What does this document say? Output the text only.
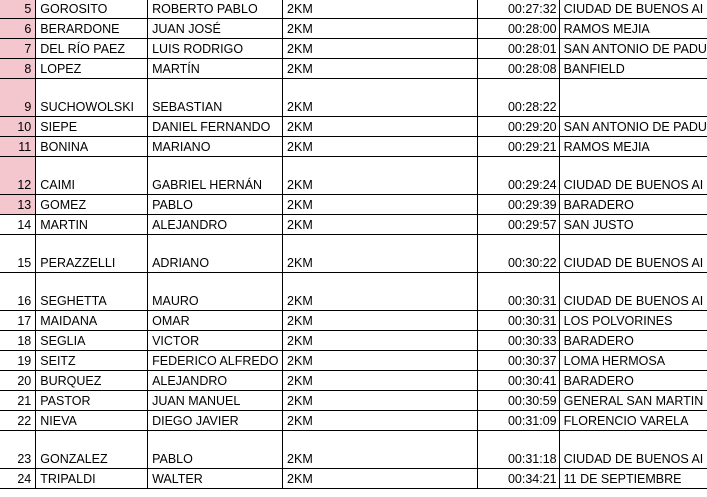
5	GOROSITO	ROBERTO PABLO	2KM	00:27:32	CIUDAD DE BUENOS AI
6	BERARDONE	JUAN JOSÉ	2KM	00:28:00	RAMOS MEJIA
7	DEL RÍO PAEZ	LUIS RODRIGO	2KM	00:28:01	SAN ANTONIO DE PADU
8	LOPEZ	MARTÍN	2KM	00:28:08	BANFIELD
9	SUCHOWOLSKI	SEBASTIAN	2KM	00:28:22	
10	SIEPE	DANIEL FERNANDO	2KM	00:29:20	SAN ANTONIO DE PADU
11	BONINA	MARIANO	2KM	00:29:21	RAMOS MEJIA
12	CAIMI	GABRIEL HERNÁN	2KM	00:29:24	CIUDAD DE BUENOS AI
13	GOMEZ	PABLO	2KM	00:29:39	BARADERO
14	MARTIN	ALEJANDRO	2KM	00:29:57	SAN JUSTO
15	PERAZZELLI	ADRIANO	2KM	00:30:22	CIUDAD DE BUENOS AI
16	SEGHETTA	MAURO	2KM	00:30:31	CIUDAD DE BUENOS AI
17	MAIDANA	OMAR	2KM	00:30:31	LOS POLVORINES
18	SEGLIA	VICTOR	2KM	00:30:33	BARADERO
19	SEITZ	FEDERICO ALFREDO	2KM	00:30:37	LOMA HERMOSA
20	BURQUEZ	ALEJANDRO	2KM	00:30:41	BARADERO
21	PASTOR	JUAN MANUEL	2KM	00:30:59	GENERAL SAN MARTIN
22	NIEVA	DIEGO JAVIER	2KM	00:31:09	FLORENCIO VARELA
23	GONZALEZ	PABLO	2KM	00:31:18	CIUDAD DE BUENOS AI
24	TRIPALDI	WALTER	2KM	00:34:21	11 DE SEPTIEMBRE
